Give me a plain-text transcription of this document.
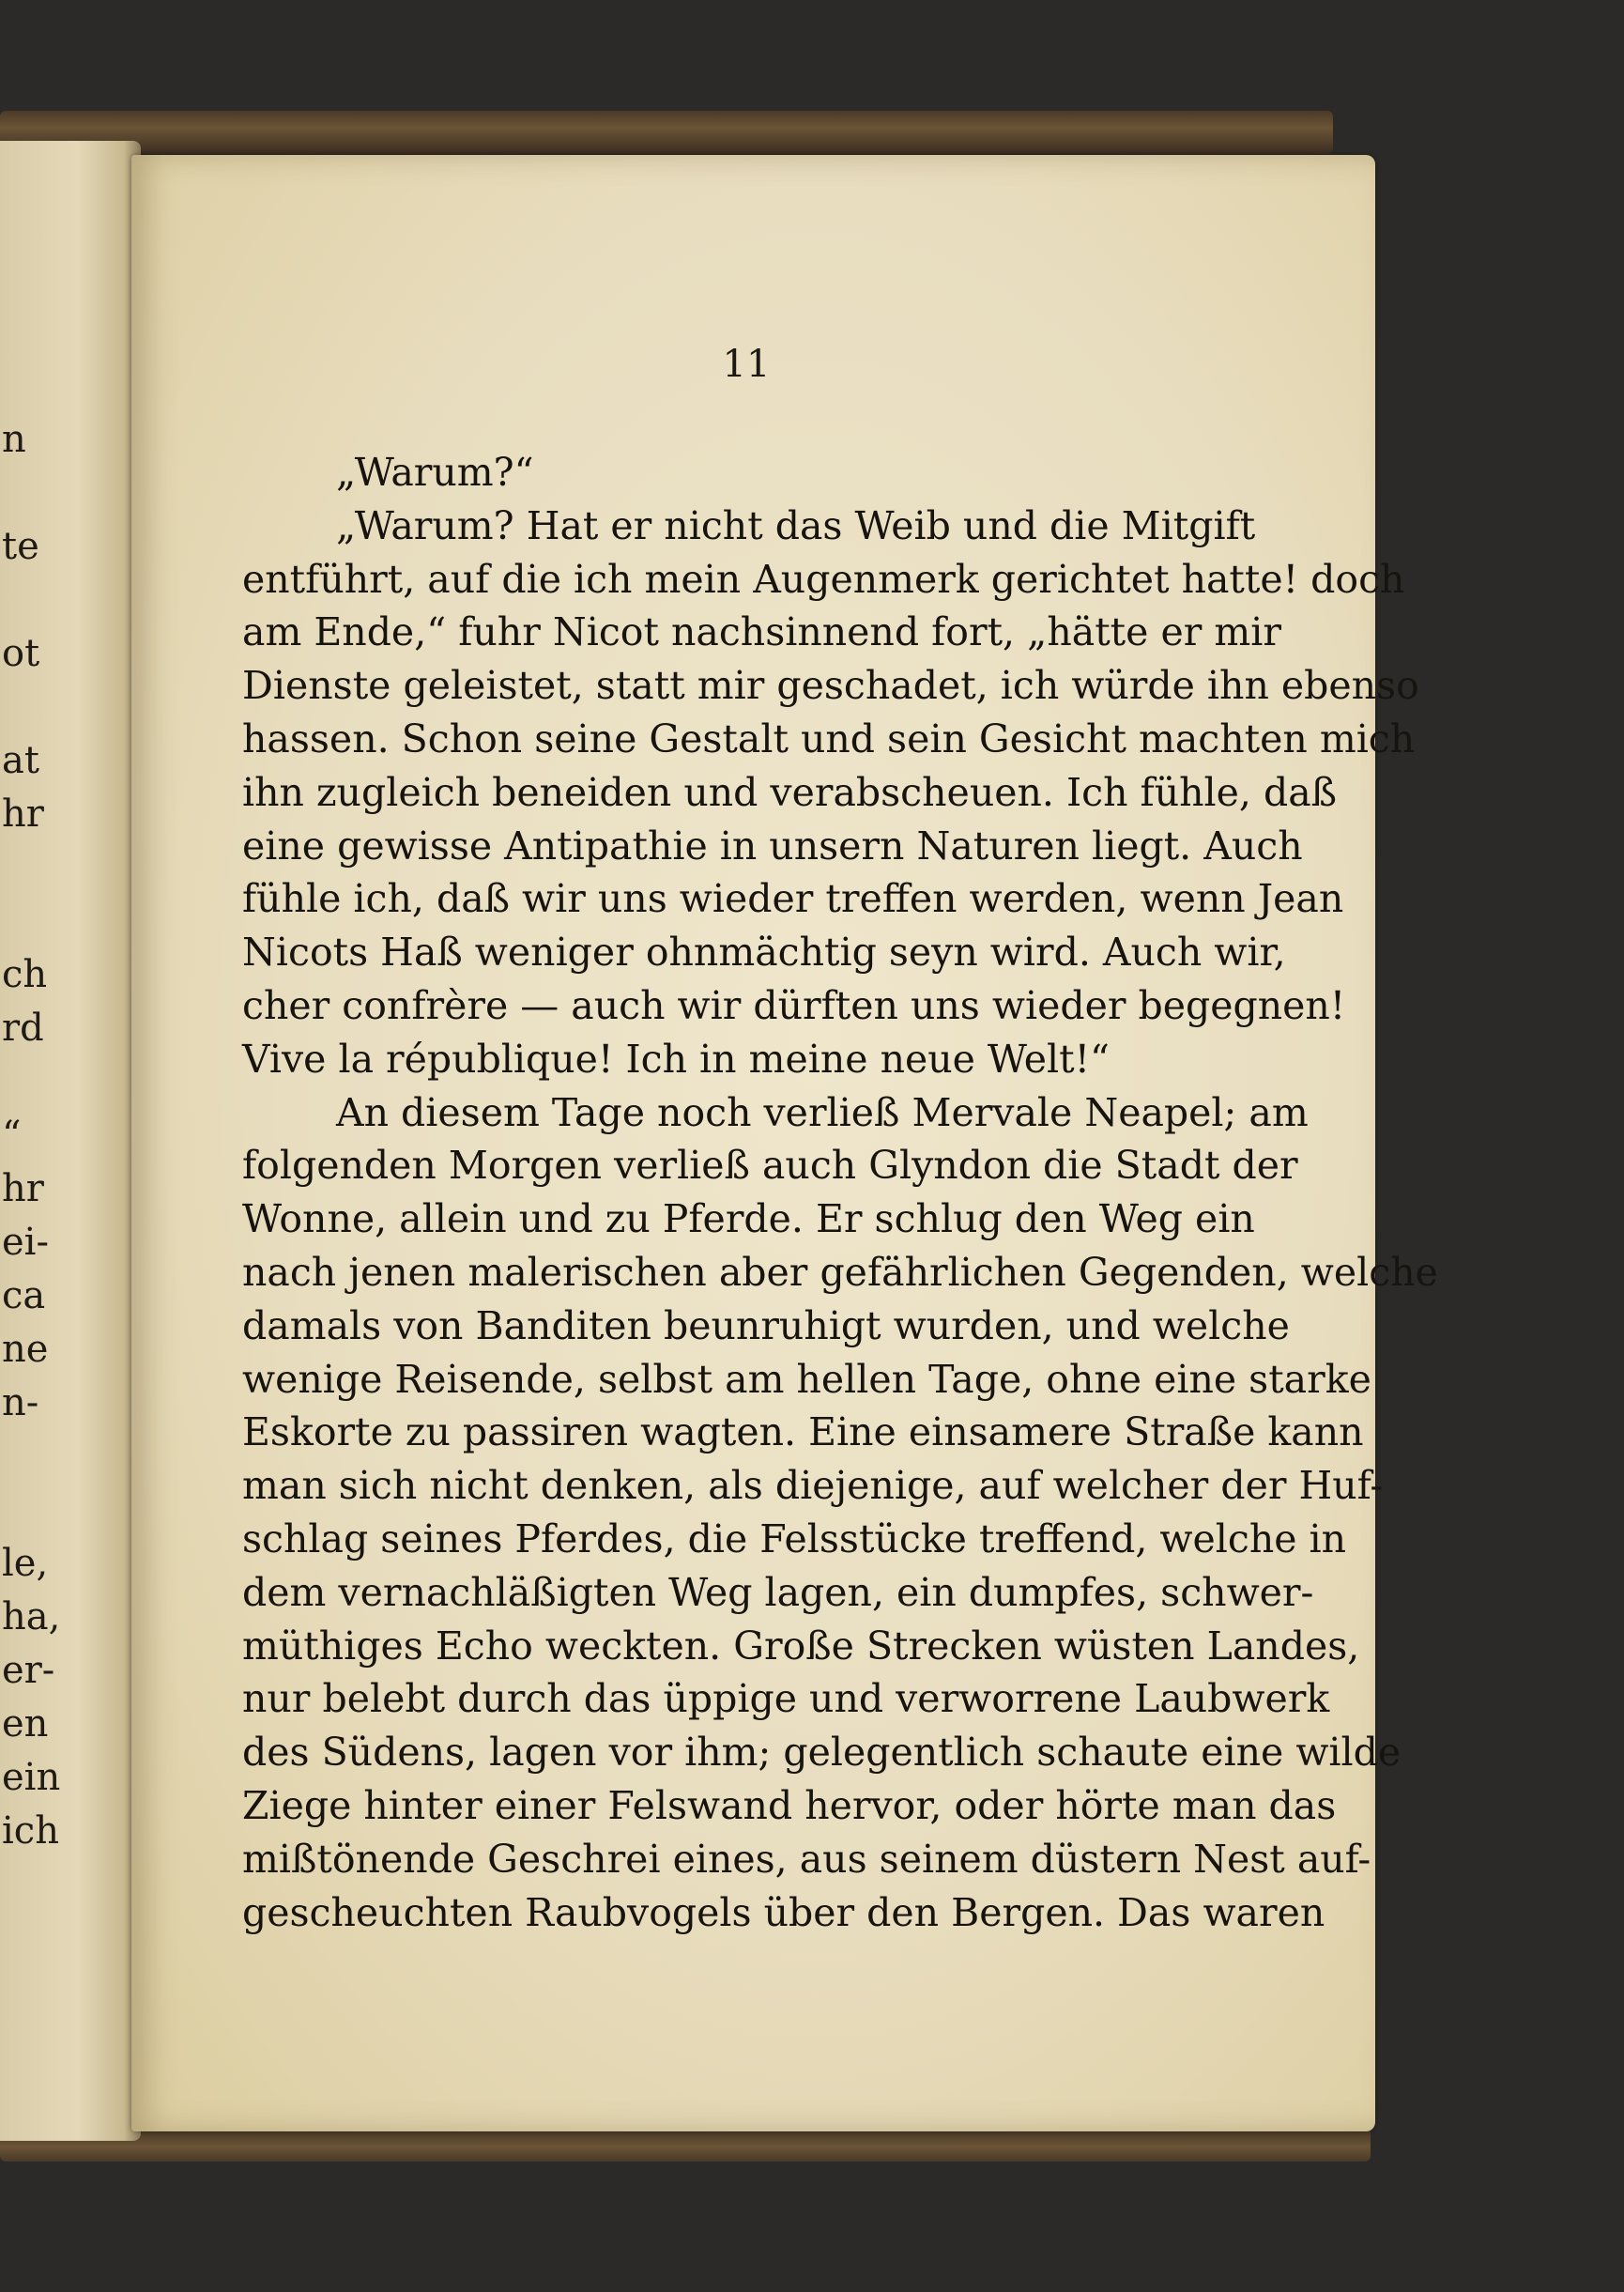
n
te
ot
at
hr
ch
rd
“
hr
ei-
ca
ne
n-
le,
ha,
er-
en
ein
ich
11
„Warum?“
„Warum? Hat er nicht das Weib und die Mitgift
entführt, auf die ich mein Augenmerk gerichtet hatte! doch
am Ende,“ fuhr Nicot nachsinnend fort, „hätte er mir
Dienste geleistet, statt mir geschadet, ich würde ihn ebenso
hassen. Schon seine Gestalt und sein Gesicht machten mich
ihn zugleich beneiden und verabscheuen. Ich fühle, daß
eine gewisse Antipathie in unsern Naturen liegt. Auch
fühle ich, daß wir uns wieder treffen werden, wenn Jean
Nicots Haß weniger ohnmächtig seyn wird. Auch wir,
cher confrère — auch wir dürften uns wieder begegnen!
Vive la république! Ich in meine neue Welt!“
An diesem Tage noch verließ Mervale Neapel; am
folgenden Morgen verließ auch Glyndon die Stadt der
Wonne, allein und zu Pferde. Er schlug den Weg ein
nach jenen malerischen aber gefährlichen Gegenden, welche
damals von Banditen beunruhigt wurden, und welche
wenige Reisende, selbst am hellen Tage, ohne eine starke
Eskorte zu passiren wagten. Eine einsamere Straße kann
man sich nicht denken, als diejenige, auf welcher der Huf-
schlag seines Pferdes, die Felsstücke treffend, welche in
dem vernachläßigten Weg lagen, ein dumpfes, schwer-
müthiges Echo weckten. Große Strecken wüsten Landes,
nur belebt durch das üppige und verworrene Laubwerk
des Südens, lagen vor ihm; gelegentlich schaute eine wilde
Ziege hinter einer Felswand hervor, oder hörte man das
mißtönende Geschrei eines, aus seinem düstern Nest auf-
gescheuchten Raubvogels über den Bergen. Das waren
